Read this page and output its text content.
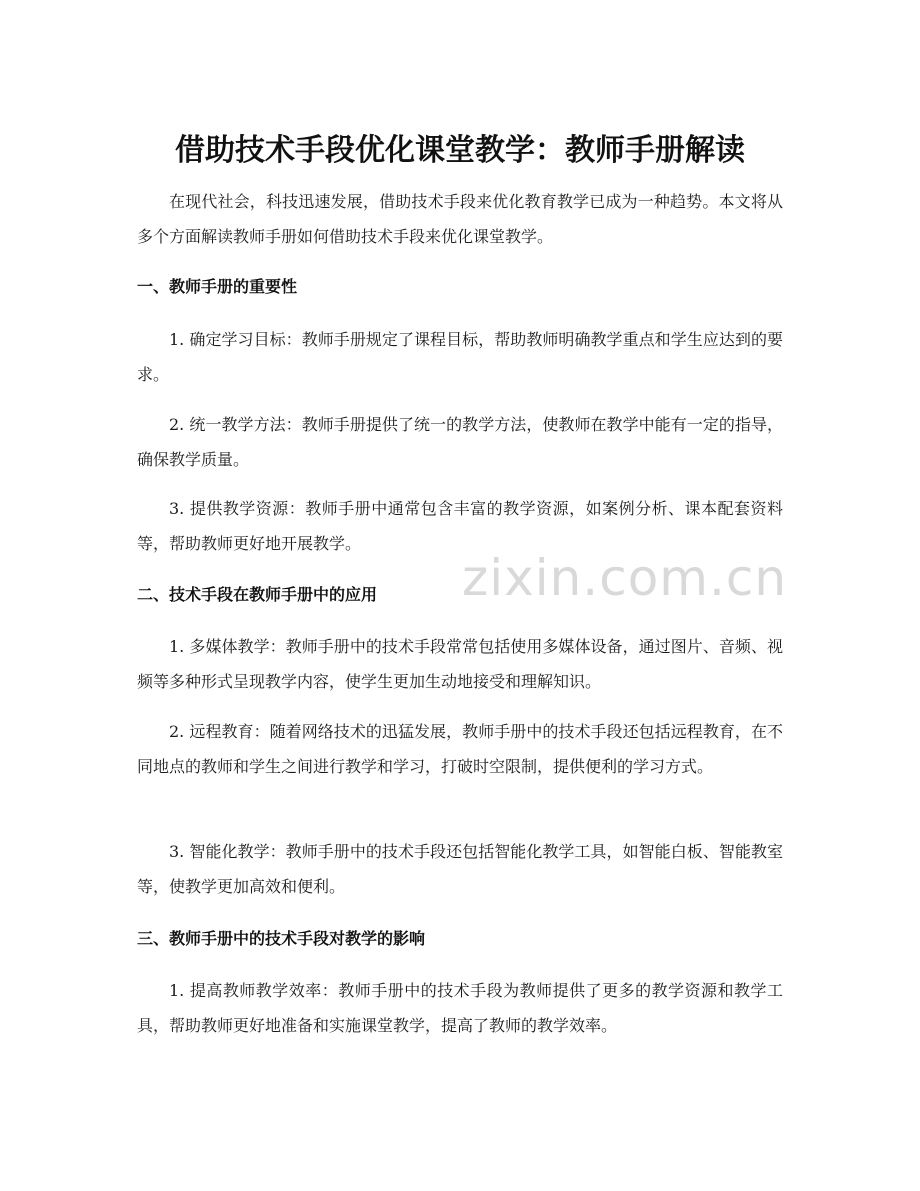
借助技术手段优化课堂教学：教师手册解读

在现代社会，科技迅速发展，借助技术手段来优化教育教学已成为一种趋势。本文将从多个方面解读教师手册如何借助技术手段来优化课堂教学。

一、教师手册的重要性

1. 确定学习目标：教师手册规定了课程目标，帮助教师明确教学重点和学生应达到的要求。

2. 统一教学方法：教师手册提供了统一的教学方法，使教师在教学中能有一定的指导，确保教学质量。

3. 提供教学资源：教师手册中通常包含丰富的教学资源，如案例分析、课本配套资料等，帮助教师更好地开展教学。

二、技术手段在教师手册中的应用

1. 多媒体教学：教师手册中的技术手段常常包括使用多媒体设备，通过图片、音频、视频等多种形式呈现教学内容，使学生更加生动地接受和理解知识。

2. 远程教育：随着网络技术的迅猛发展，教师手册中的技术手段还包括远程教育，在不同地点的教师和学生之间进行教学和学习，打破时空限制，提供便利的学习方式。

3. 智能化教学：教师手册中的技术手段还包括智能化教学工具，如智能白板、智能教室等，使教学更加高效和便利。

三、教师手册中的技术手段对教学的影响

1. 提高教师教学效率：教师手册中的技术手段为教师提供了更多的教学资源和教学工具，帮助教师更好地准备和实施课堂教学，提高了教师的教学效率。

zixin.com.cn
